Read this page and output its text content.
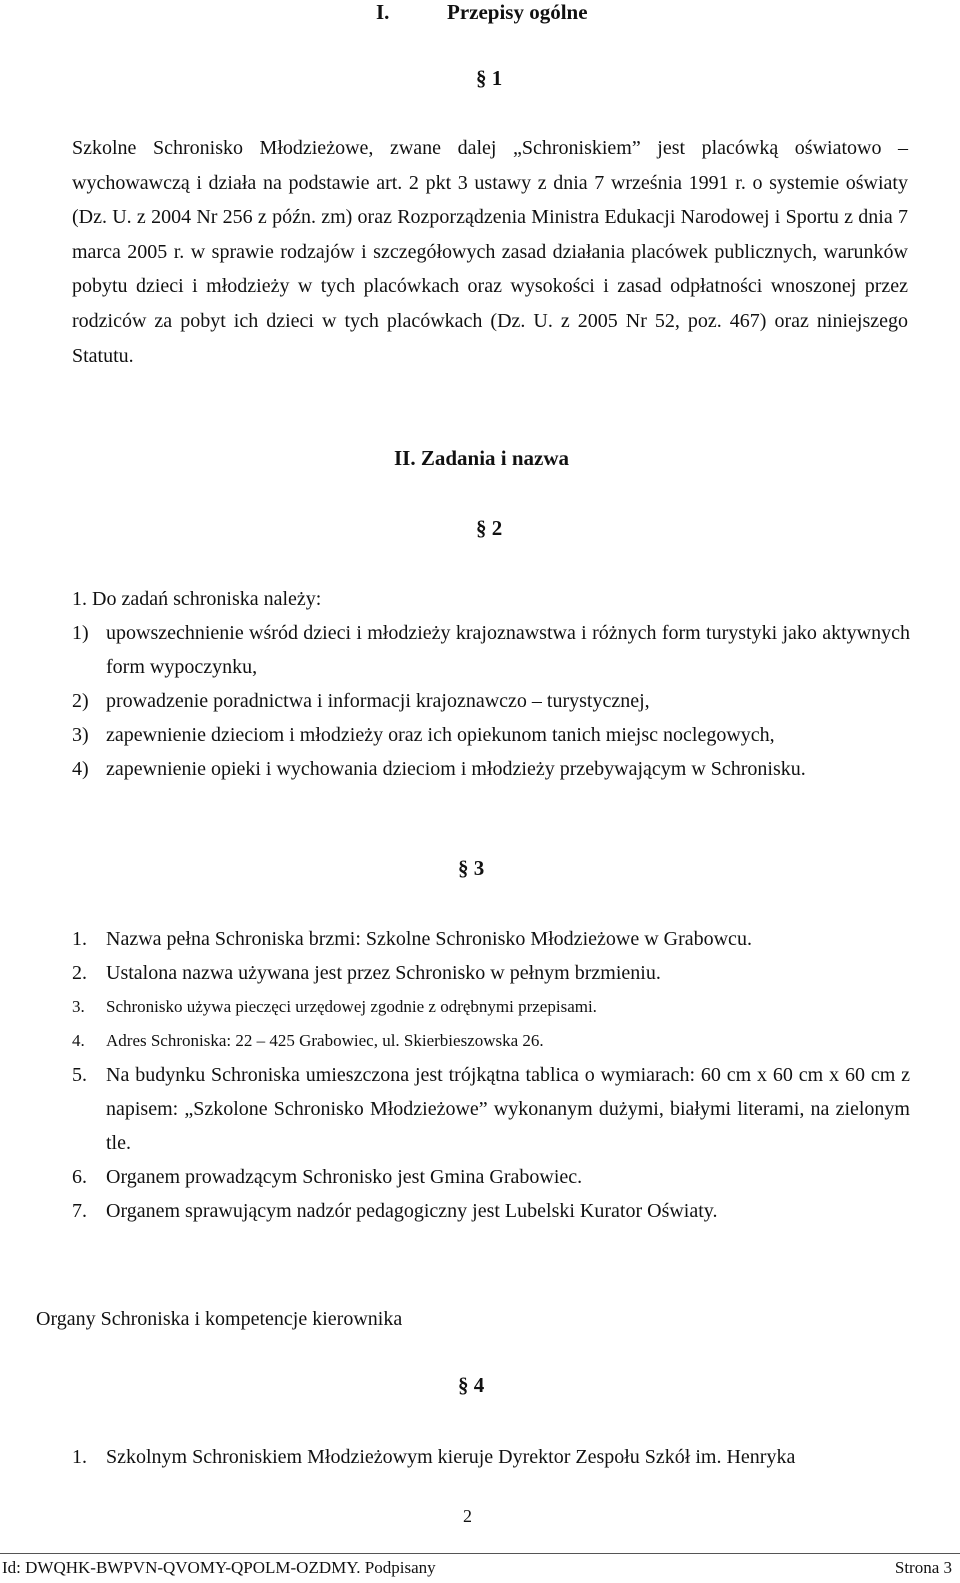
I.	Przepisy ogólne
§ 1
Szkolne Schronisko Młodzieżowe, zwane dalej „Schroniskiem” jest placówką oświatowo – wychowawczą i działa na podstawie art. 2 pkt 3 ustawy z dnia 7 września 1991 r. o systemie oświaty (Dz. U. z 2004 Nr 256 z późn. zm) oraz Rozporządzenia Ministra Edukacji Narodowej i Sportu z dnia 7 marca 2005 r. w sprawie rodzajów i szczegółowych zasad działania placówek publicznych, warunków pobytu dzieci i młodzieży w tych placówkach oraz wysokości i zasad odpłatności wnoszonej przez rodziców za pobyt ich dzieci w tych placówkach (Dz. U. z 2005 Nr 52, poz. 467) oraz niniejszego Statutu.
II. Zadania i nazwa
§ 2
1. Do zadań schroniska należy:
1) upowszechnienie wśród dzieci i młodzieży krajoznawstwa i różnych form turystyki jako aktywnych form wypoczynku,
2) prowadzenie poradnictwa i informacji krajoznawczo – turystycznej,
3) zapewnienie dzieciom i młodzieży oraz ich opiekunom tanich miejsc noclegowych,
4) zapewnienie opieki i wychowania dzieciom i młodzieży przebywającym w Schronisku.
§ 3
1. Nazwa pełna Schroniska brzmi: Szkolne Schronisko Młodzieżowe w Grabowcu.
2. Ustalona nazwa używana jest przez Schronisko w pełnym brzmieniu.
3. Schronisko używa pieczęci urzędowej zgodnie z odrębnymi przepisami.
4. Adres Schroniska: 22 – 425 Grabowiec, ul. Skierbieszowska 26.
5. Na budynku Schroniska umieszczona jest trójkątna tablica o wymiarach: 60 cm x 60 cm x 60 cm z napisem: „Szkolone Schronisko Młodzieżowe” wykonanym dużymi, białymi literami, na zielonym tle.
6. Organem prowadzącym Schronisko jest Gmina Grabowiec.
7. Organem sprawującym nadzór pedagogiczny jest Lubelski Kurator Oświaty.
Organy Schroniska i kompetencje kierownika
§ 4
1. Szkolnym Schroniskiem Młodzieżowym kieruje Dyrektor Zespołu Szkół im. Henryka
2
Id: DWQHK-BWPVN-QVOMY-QPOLM-OZDMY. Podpisany	Strona 3
